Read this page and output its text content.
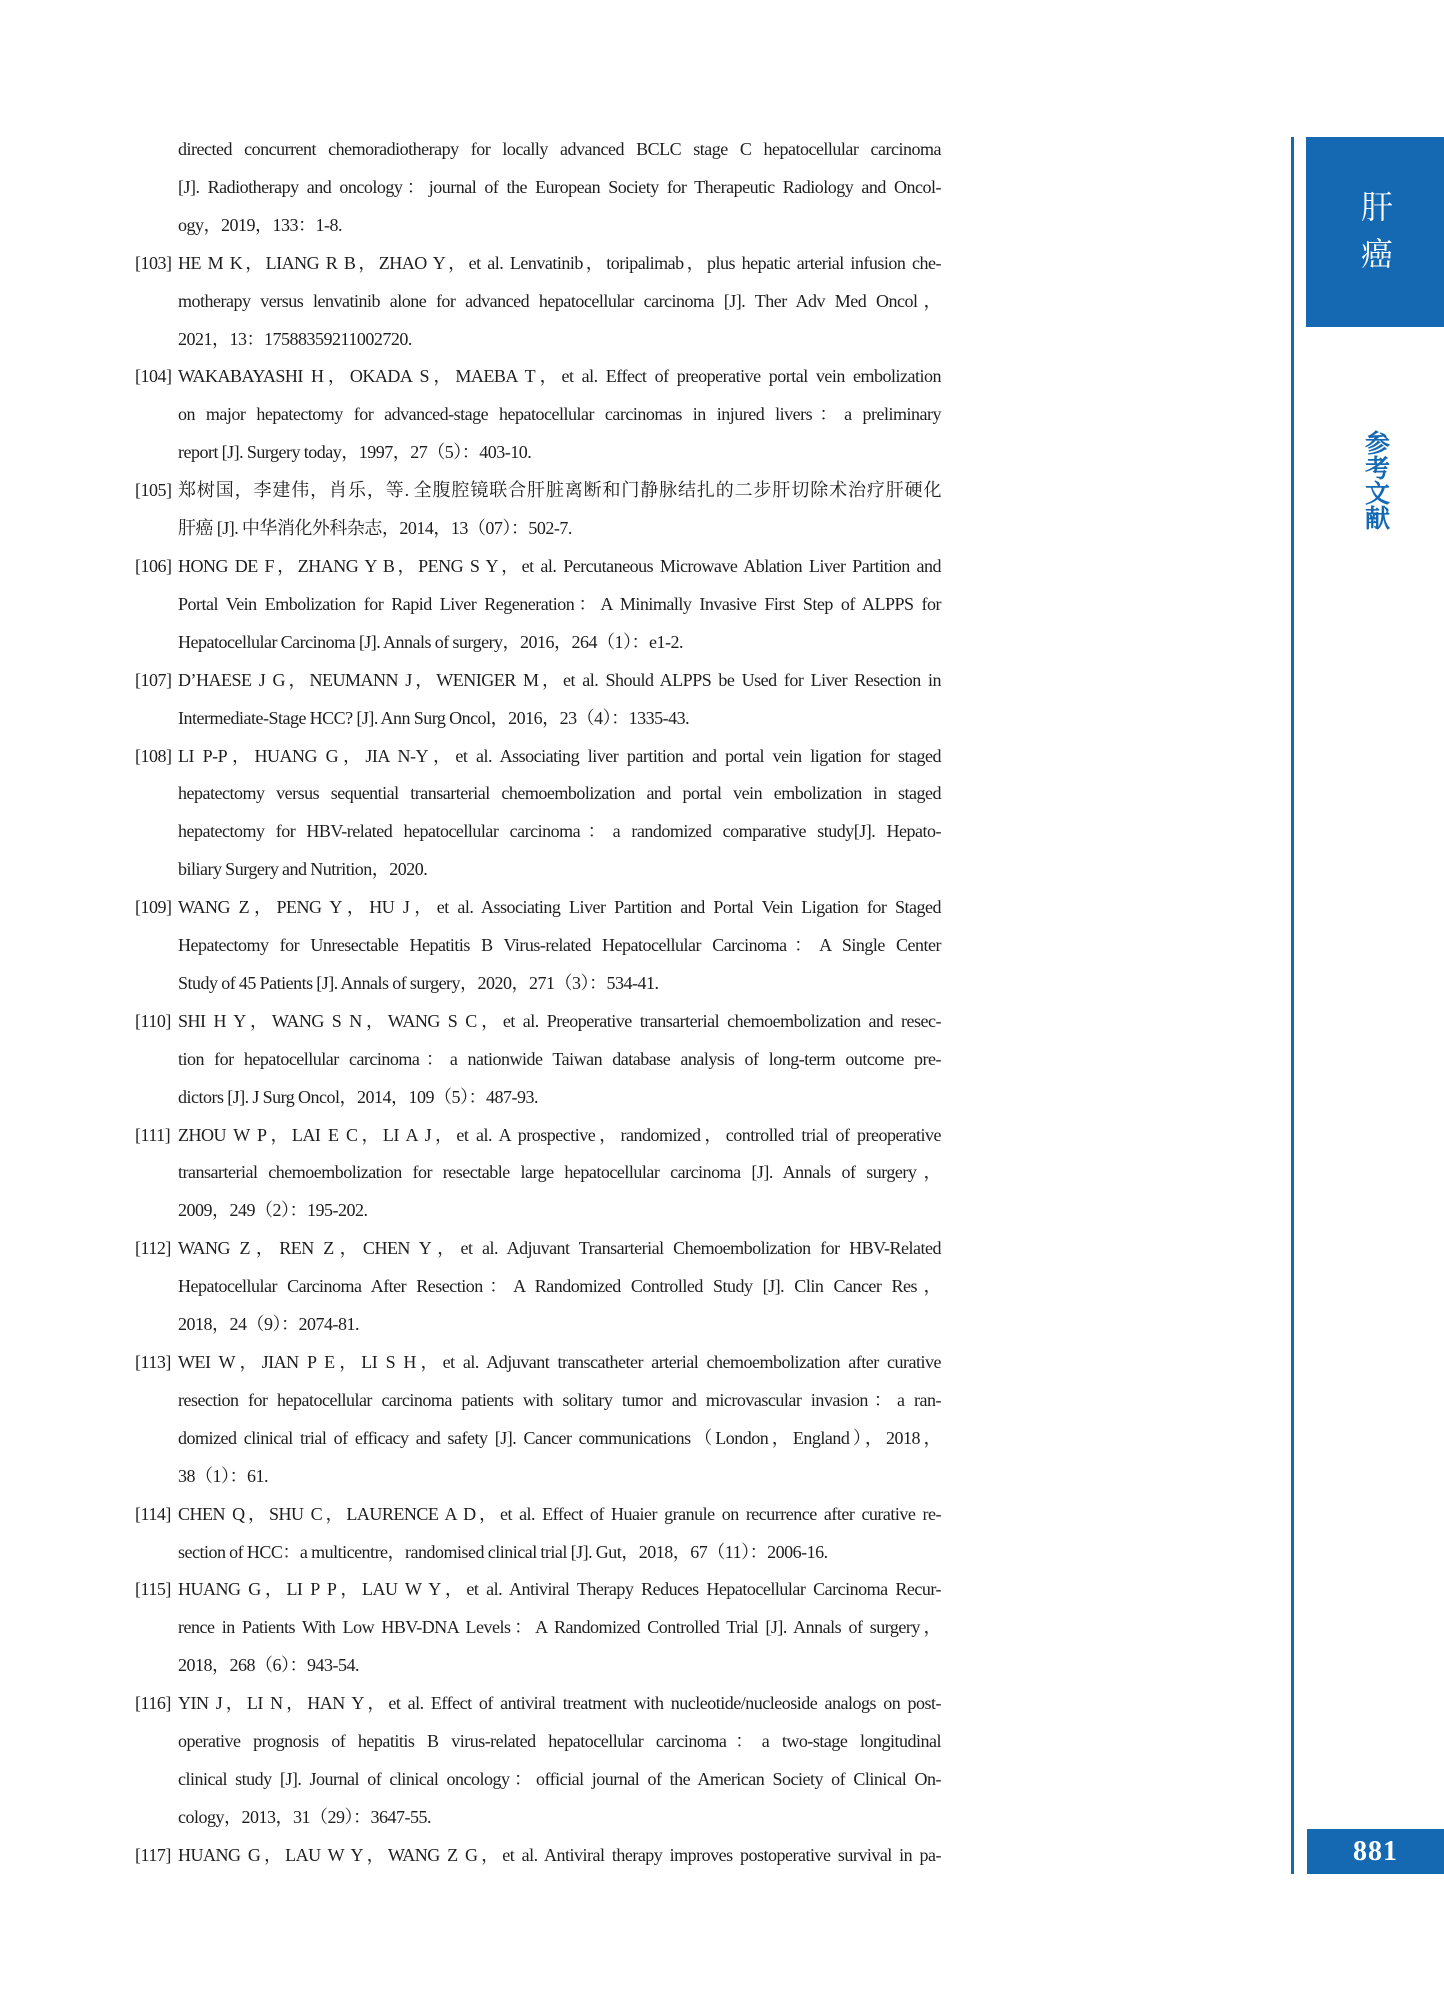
directed concurrent chemoradiotherapy for locally advanced BCLC stage C hepatocellular carcinoma
[J]. Radiotherapy and oncology：journal of the European Society for Therapeutic Radiology and Oncol-
ogy，2019，133：1-8.
[103] HE M K，LIANG R B，ZHAO Y，et al. Lenvatinib，toripalimab，plus hepatic arterial infusion che-
motherapy versus lenvatinib alone for advanced hepatocellular carcinoma [J]. Ther Adv Med Oncol，
2021，13：17588359211002720.
[104] WAKABAYASHI H，OKADA S，MAEBA T，et al. Effect of preoperative portal vein embolization
on major hepatectomy for advanced-stage hepatocellular carcinomas in injured livers：a preliminary
report [J]. Surgery today，1997，27（5）：403-10.
[105] 郑树国，李建伟，肖乐，等. 全腹腔镜联合肝脏离断和门静脉结扎的二步肝切除术治疗肝硬化
肝癌 [J]. 中华消化外科杂志，2014，13（07）：502-7.
[106] HONG DE F，ZHANG Y B，PENG S Y，et al. Percutaneous Microwave Ablation Liver Partition and
Portal Vein Embolization for Rapid Liver Regeneration：A Minimally Invasive First Step of ALPPS for
Hepatocellular Carcinoma [J]. Annals of surgery，2016，264（1）：e1-2.
[107] D’HAESE J G，NEUMANN J，WENIGER M，et al. Should ALPPS be Used for Liver Resection in
Intermediate-Stage HCC? [J]. Ann Surg Oncol，2016，23（4）：1335-43.
[108] LI P-P，HUANG G，JIA N-Y，et al. Associating liver partition and portal vein ligation for staged
hepatectomy versus sequential transarterial chemoembolization and portal vein embolization in staged
hepatectomy for HBV-related hepatocellular carcinoma：a randomized comparative study[J]. Hepato-
biliary Surgery and Nutrition，2020.
[109] WANG Z，PENG Y，HU J，et al. Associating Liver Partition and Portal Vein Ligation for Staged
Hepatectomy for Unresectable Hepatitis B Virus-related Hepatocellular Carcinoma：A Single Center
Study of 45 Patients [J]. Annals of surgery，2020，271（3）：534-41.
[110] SHI H Y，WANG S N，WANG S C，et al. Preoperative transarterial chemoembolization and resec-
tion for hepatocellular carcinoma：a nationwide Taiwan database analysis of long-term outcome pre-
dictors [J]. J Surg Oncol，2014，109（5）：487-93.
[111] ZHOU W P，LAI E C，LI A J，et al. A prospective，randomized，controlled trial of preoperative
transarterial chemoembolization for resectable large hepatocellular carcinoma [J]. Annals of surgery，
2009，249（2）：195-202.
[112] WANG Z，REN Z，CHEN Y，et al. Adjuvant Transarterial Chemoembolization for HBV-Related
Hepatocellular Carcinoma After Resection：A Randomized Controlled Study [J]. Clin Cancer Res，
2018，24（9）：2074-81.
[113] WEI W，JIAN P E，LI S H，et al. Adjuvant transcatheter arterial chemoembolization after curative
resection for hepatocellular carcinoma patients with solitary tumor and microvascular invasion：a ran-
domized clinical trial of efficacy and safety [J]. Cancer communications（London，England），2018，
38（1）：61.
[114] CHEN Q，SHU C，LAURENCE A D，et al. Effect of Huaier granule on recurrence after curative re-
section of HCC：a multicentre，randomised clinical trial [J]. Gut，2018，67（11）：2006-16.
[115] HUANG G，LI P P，LAU W Y，et al. Antiviral Therapy Reduces Hepatocellular Carcinoma Recur-
rence in Patients With Low HBV-DNA Levels：A Randomized Controlled Trial [J]. Annals of surgery，
2018，268（6）：943-54.
[116] YIN J，LI N，HAN Y，et al. Effect of antiviral treatment with nucleotide/nucleoside analogs on post-
operative prognosis of hepatitis B virus-related hepatocellular carcinoma：a two-stage longitudinal
clinical study [J]. Journal of clinical oncology：official journal of the American Society of Clinical On-
cology，2013，31（29）：3647-55.
[117] HUANG G，LAU W Y，WANG Z G，et al. Antiviral therapy improves postoperative survival in pa-
肝癌
参考文献
881
